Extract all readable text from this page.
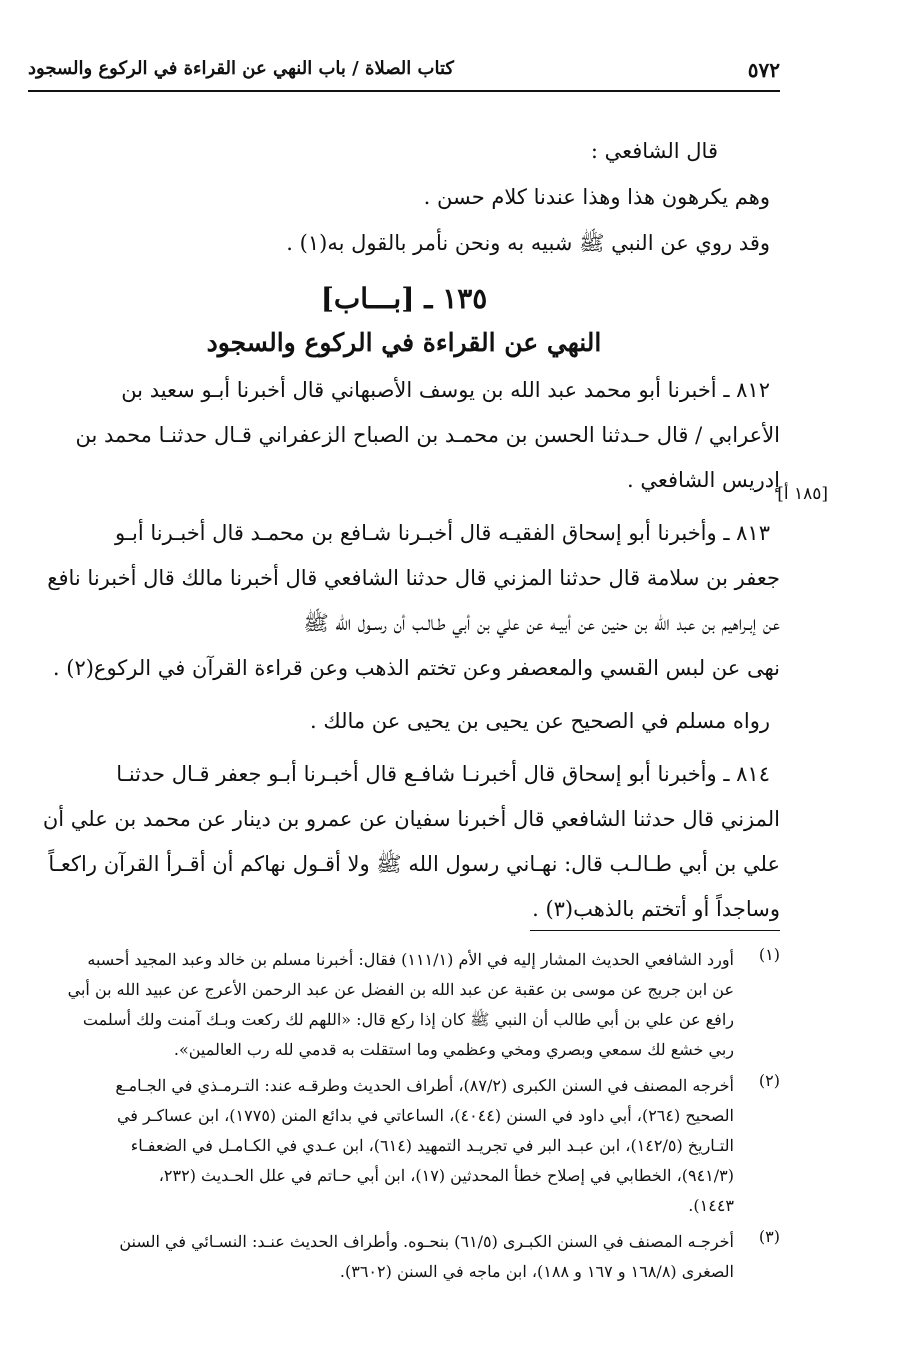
٥٧٢
كتاب الصلاة / باب النهي عن القراءة في الركوع والسجود

قال الشافعي :

وهم يكرهون هذا وهذا عندنا كلام حسن .

وقد روي عن النبي ﷺ شبيه به ونحن نأمر بالقول به(١) .

١٣٥ ـ [بـــاب]
النهي عن القراءة في الركوع والسجود

٨١٢ ـ أخبرنا أبو محمد عبد الله بن يوسف الأصبهاني قال أخبرنا أبـو سعيد بن

الأعرابي / قال حـدثنا الحسن بن محمـد بن الصباح الزعفراني قـال حدثنـا محمد بن

إدريس الشافعي .

٨١٣ ـ وأخبرنا أبو إسحاق الفقيـه قال أخبـرنا شـافع بن محمـد قال أخبـرنا أبـو

جعفر بن سلامة قال حدثنا المزني قال حدثنا الشافعي قال أخبرنا مالك قال أخبرنا نافع

عن إبـراهيم بن عبد الله بن حنين عن أبيـه عن علي بن أبي طـالـب أن رسـول الله ﷺ

نهى عن لبس القسي والمعصفر وعن تختم الذهب وعن قراءة القرآن في الركوع(٢) .

رواه مسلم في الصحيح عن يحيى بن يحيى عن مالك .

٨١٤ ـ وأخبرنا أبو إسحاق قال أخبرنـا شافـع قال أخبـرنا أبـو جعفر قـال حدثنـا

المزني قال حدثنا الشافعي قال أخبرنا سفيان عن عمرو بن دينار عن محمد بن علي أن

علي بن أبي طـالـب قال: نهـاني رسول الله ﷺ ولا أقـول نهاكم أن أقـرأ القرآن راكعـاً

وساجداً أو أتختم بالذهب(٣) .

[١٨٥ أ]
(١)

أورد الشافعي الحديث المشار إليه في الأم (١١١/١) فقال: أخبرنا مسلم بن خالد وعبد المجيد أحسبه

عن ابن جريج عن موسى بن عقبة عن عبد الله بن الفضل عن عبد الرحمن الأعرج عن عبيد الله بن أبي

رافع عن علي بن أبي طالب أن النبي ﷺ كان إذا ركع قال: «اللهم لك ركعت وبـك آمنت ولك أسلمت

ربي خشع لك سمعي وبصري ومخي وعظمي وما استقلت به قدمي لله رب العالمين».

(٢)

أخرجه المصنف في السنن الكبرى (٨٧/٢)، أطراف الحديث وطرقـه عند: التـرمـذي في الجـامـع

الصحيح (٢٦٤)، أبي داود في السنن (٤٠٤٤)، الساعاتي في بدائع المنن (١٧٧٥)، ابن عساكـر في

التـاريخ (١٤٢/٥)، ابن عبـد البر في تجريـد التمهيد (٦١٤)، ابن عـدي في الكـامـل في الضعفـاء

(٩٤١/٣)، الخطابي في إصلاح خطأ المحدثين (١٧)، ابن أبي حـاتم في علل الحـديث (٢٣٢،

١٤٤٣).

(٣)

أخرجـه المصنف في السنن الكبـرى (٦١/٥) بنحـوه. وأطراف الحديث عنـد: النسـائي في السنن

الصغرى (١٦٨/٨ و ١٦٧ و ١٨٨)، ابن ماجه في السنن (٣٦٠٢).
